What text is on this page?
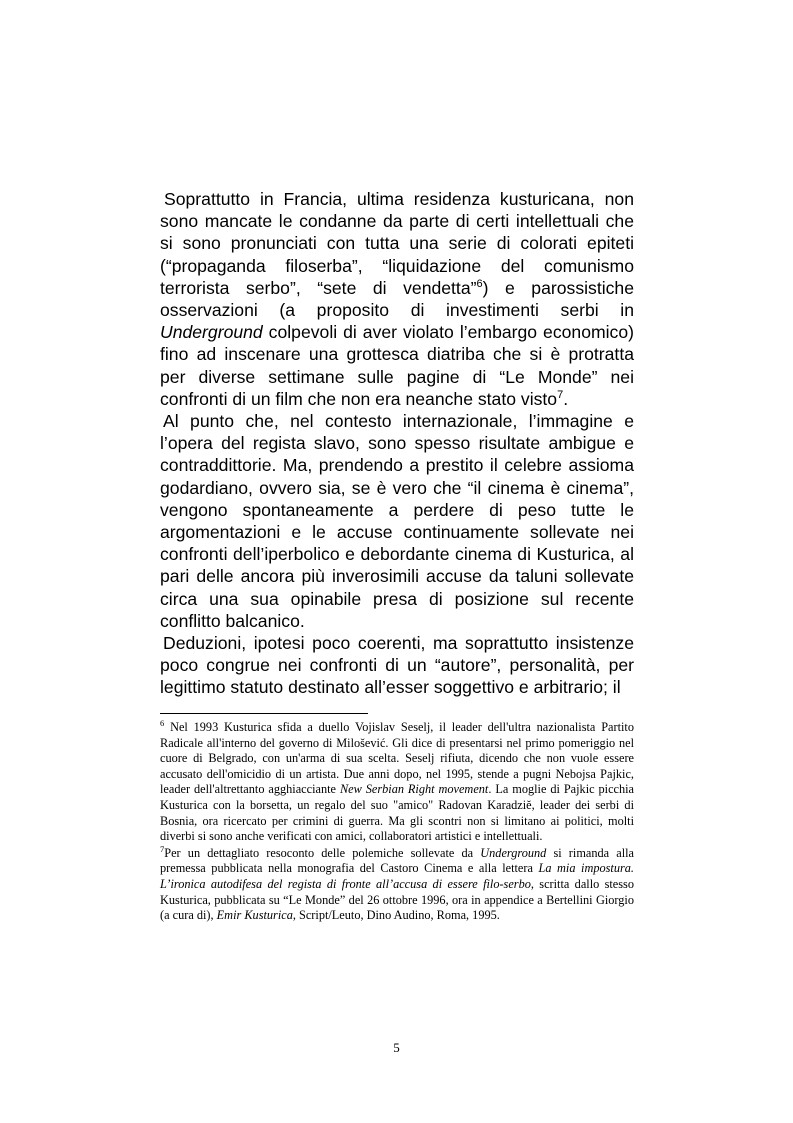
Soprattutto in Francia, ultima residenza kusturicana, non sono mancate le condanne da parte di certi intellettuali che si sono pronunciati con tutta una serie di colorati epiteti (“propaganda filoserba”, “liquidazione del comunismo terrorista serbo”, “sete di vendetta”$^6$) e parossistiche osservazioni (a proposito di investimenti serbi in Underground colpevoli di aver violato l’embargo economico) fino ad inscenare una grottesca diatriba che si è protratta per diverse settimane sulle pagine di “Le Monde” nei confronti di un film che non era neanche stato visto$^7$.

Al punto che, nel contesto internazionale, l’immagine e l’opera del regista slavo, sono spesso risultate ambigue e contraddittorie. Ma, prendendo a prestito il celebre assioma godardiano, ovvero sia, se è vero che “il cinema è cinema”, vengono spontaneamente a perdere di peso tutte le argomentazioni e le accuse continuamente sollevate nei confronti dell’iperbolico e debordante cinema di Kusturica, al pari delle ancora più inverosimili accuse da taluni sollevate circa una sua opinabile presa di posizione sul recente conflitto balcanico.

Deduzioni, ipotesi poco coerenti, ma soprattutto insistenze poco congrue nei confronti di un “autore”, personalità, per legittimo statuto destinato all’esser soggettivo e arbitrario; il

$^6$ Nel 1993 Kusturica sfida a duello Vojislav Seselj, il leader dell'ultra nazionalista Partito Radicale all'interno del governo di Milošević. Gli dice di presentarsi nel primo pomeriggio nel cuore di Belgrado, con un'arma di sua scelta. Seselj rifiuta, dicendo che non vuole essere accusato dell'omicidio di un artista. Due anni dopo, nel 1995, stende a pugni Nebojsa Pajkic, leader dell'altrettanto agghiacciante New Serbian Right movement. La moglie di Pajkic picchia Kusturica con la borsetta, un regalo del suo "amico" Radovan Karadziĕ, leader dei serbi di Bosnia, ora ricercato per crimini di guerra. Ma gli scontri non si limitano ai politici, molti diverbi si sono anche verificati con amici, collaboratori artistici e intellettuali.

$^7$Per un dettagliato resoconto delle polemiche sollevate da Underground si rimanda alla premessa pubblicata nella monografia del Castoro Cinema e alla lettera La mia impostura. L’ironica autodifesa del regista di fronte all’accusa di essere filo-serbo, scritta dallo stesso Kusturica, pubblicata su “Le Monde” del 26 ottobre 1996, ora in appendice a Bertellini Giorgio (a cura di), Emir Kusturica, Script/Leuto, Dino Audino, Roma, 1995.

5
